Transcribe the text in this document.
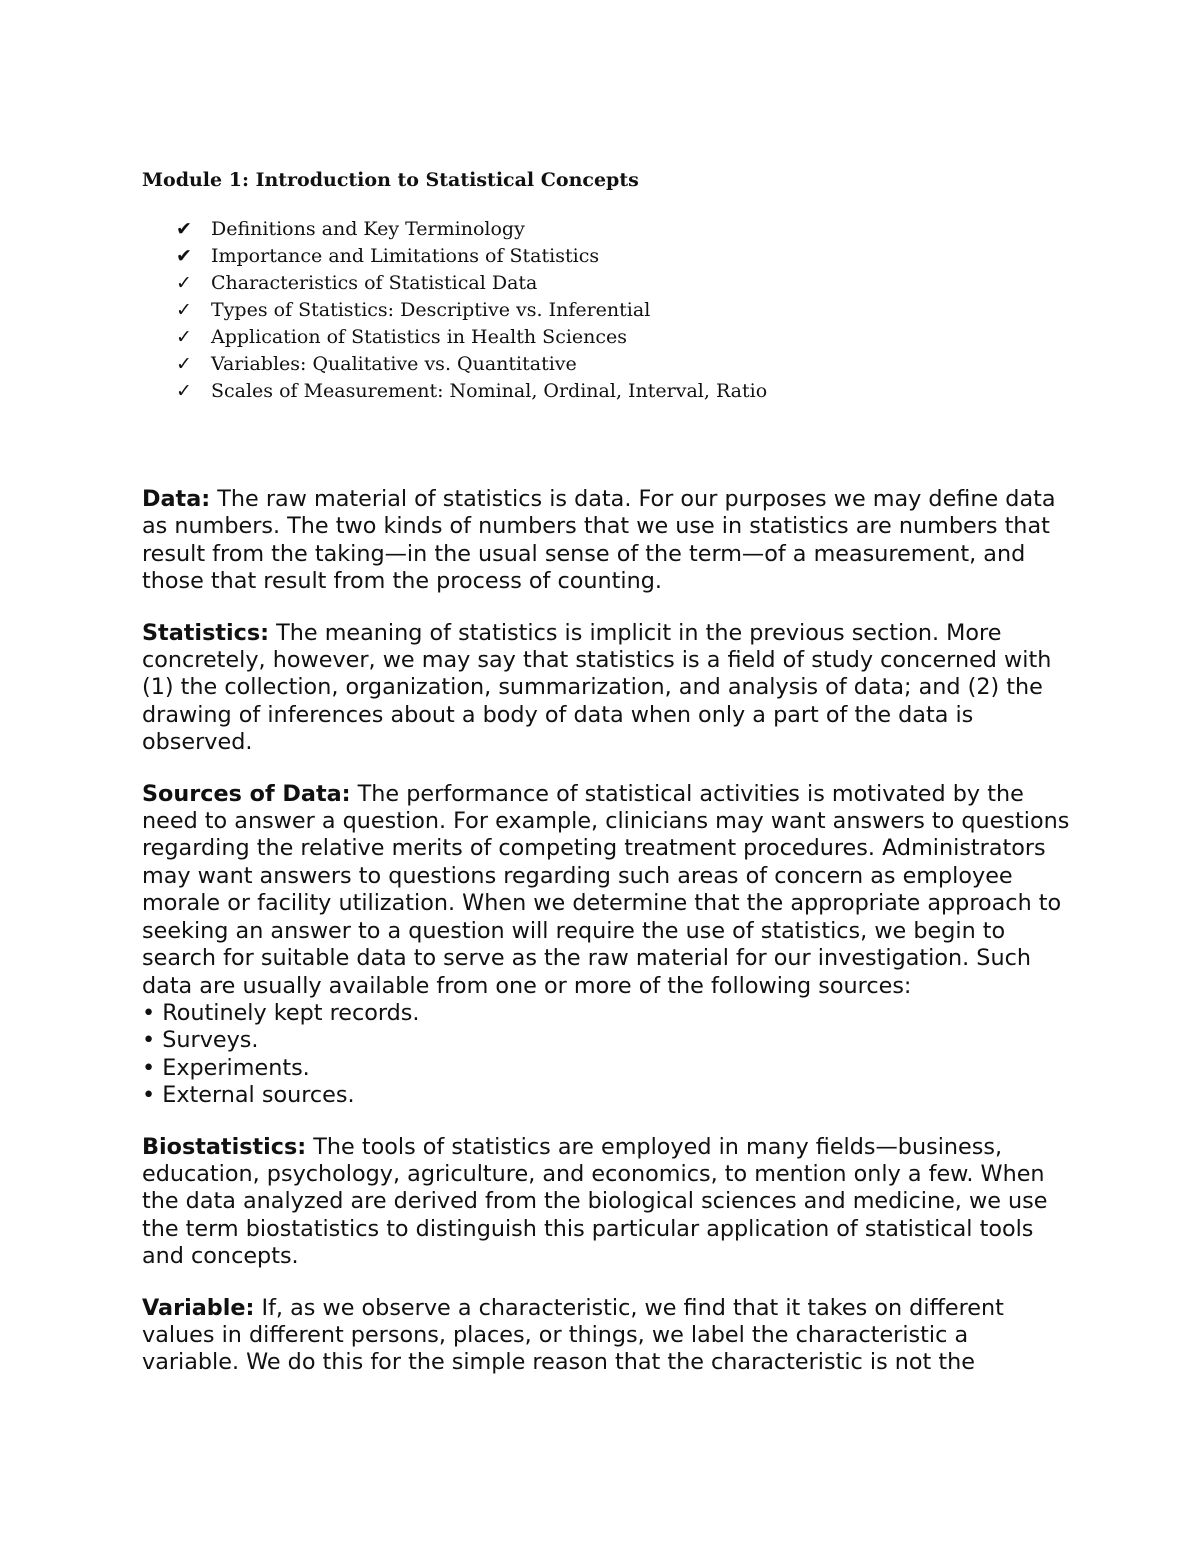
Module 1: Introduction to Statistical Concepts
✔	Definitions and Key Terminology
✔	Importance and Limitations of Statistics
✓	Characteristics of Statistical Data
✓	Types of Statistics: Descriptive vs. Inferential
✓	Application of Statistics in Health Sciences
✓	Variables: Qualitative vs. Quantitative
✓	Scales of Measurement: Nominal, Ordinal, Interval, Ratio

Data: The raw material of statistics is data. For our purposes we may define data as numbers. The two kinds of numbers that we use in statistics are numbers that result from the taking—in the usual sense of the term—of a measurement, and those that result from the process of counting.

Statistics: The meaning of statistics is implicit in the previous section. More concretely, however, we may say that statistics is a field of study concerned with (1) the collection, organization, summarization, and analysis of data; and (2) the drawing of inferences about a body of data when only a part of the data is observed.

Sources of Data: The performance of statistical activities is motivated by the need to answer a question. For example, clinicians may want answers to questions regarding the relative merits of competing treatment procedures. Administrators may want answers to questions regarding such areas of concern as employee morale or facility utilization. When we determine that the appropriate approach to seeking an answer to a question will require the use of statistics, we begin to search for suitable data to serve as the raw material for our investigation. Such data are usually available from one or more of the following sources:
• Routinely kept records.
• Surveys.
• Experiments.
• External sources.

Biostatistics: The tools of statistics are employed in many fields—business, education, psychology, agriculture, and economics, to mention only a few. When the data analyzed are derived from the biological sciences and medicine, we use the term biostatistics to distinguish this particular application of statistical tools and concepts.

Variable: If, as we observe a characteristic, we find that it takes on different values in different persons, places, or things, we label the characteristic a variable. We do this for the simple reason that the characteristic is not the
